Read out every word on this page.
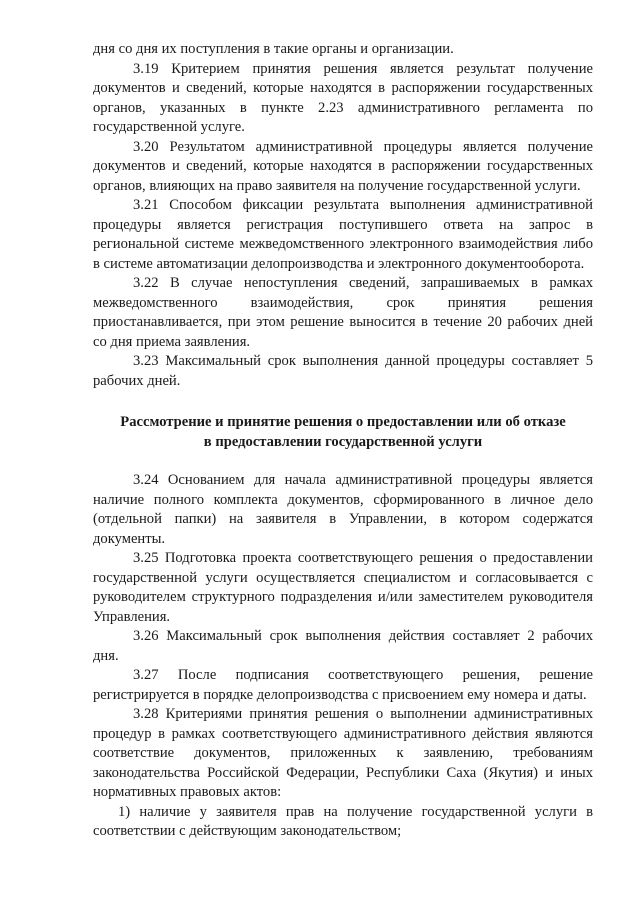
дня со дня их поступления в такие органы и организации.

3.19 Критерием принятия решения является результат получение документов и сведений, которые находятся в распоряжении государственных органов, указанных в пункте 2.23 административного регламента по государственной услуге.

3.20 Результатом административной процедуры является получение документов и сведений, которые находятся в распоряжении государственных органов, влияющих на право заявителя на получение государственной услуги.

3.21 Способом фиксации результата выполнения административной процедуры является регистрация поступившего ответа на запрос в региональной системе межведомственного электронного взаимодействия либо в системе автоматизации делопроизводства и электронного документооборота.

3.22 В случае непоступления сведений, запрашиваемых в рамках межведомственного взаимодействия, срок принятия решения приостанавливается, при этом решение выносится в течение 20 рабочих дней со дня приема заявления.

3.23 Максимальный срок выполнения данной процедуры составляет 5 рабочих дней.

Рассмотрение и принятие решения о предоставлении или об отказе
в предоставлении государственной услуги

3.24 Основанием для начала административной процедуры является наличие полного комплекта документов, сформированного в личное дело (отдельной папки) на заявителя в Управлении, в котором содержатся документы.

3.25 Подготовка проекта соответствующего решения о предоставлении государственной услуги осуществляется специалистом и согласовывается с руководителем структурного подразделения и/или заместителем руководителя Управления.

3.26 Максимальный срок выполнения действия составляет 2 рабочих дня.

3.27 После подписания соответствующего решения, решение регистрируется в порядке делопроизводства с присвоением ему номера и даты.

3.28 Критериями принятия решения о выполнении административных процедур в рамках соответствующего административного действия являются соответствие документов, приложенных к заявлению, требованиям законодательства Российской Федерации, Республики Саха (Якутия) и иных нормативных правовых актов:

1) наличие у заявителя прав на получение государственной услуги в соответствии с действующим законодательством;
